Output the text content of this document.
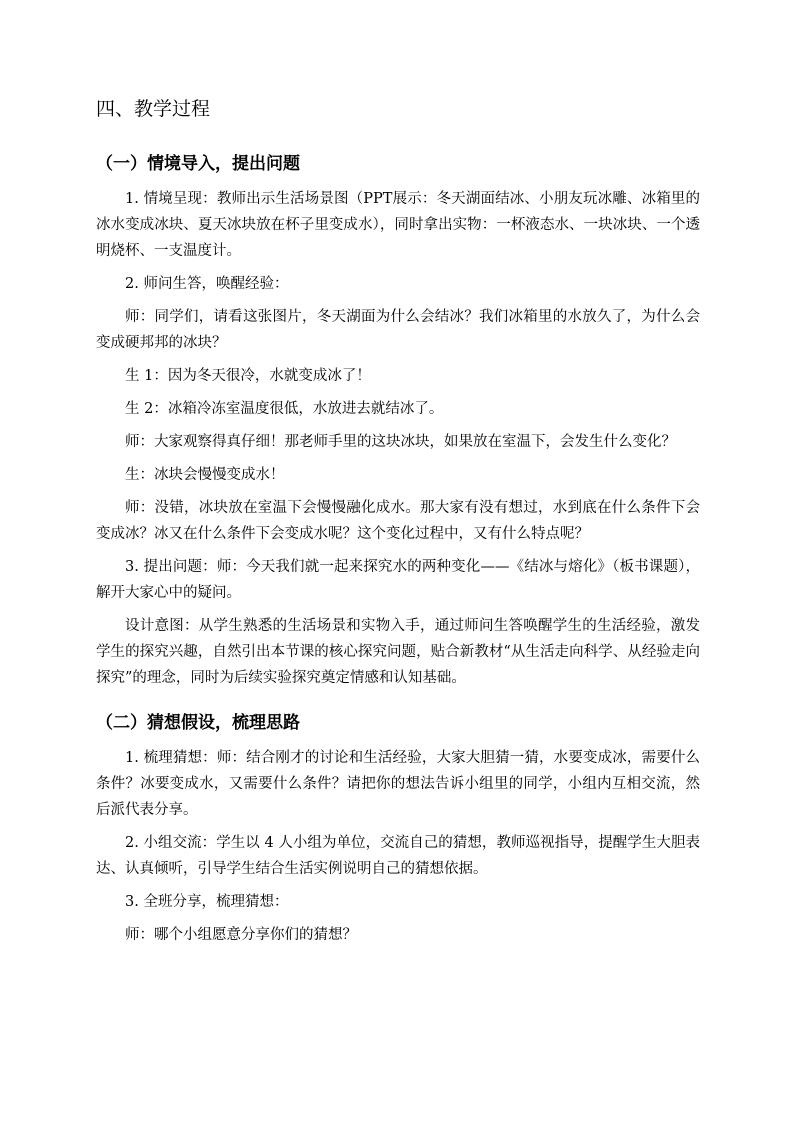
四、教学过程
（一）情境导入，提出问题

1. 情境呈现：教师出示生活场景图（PPT展示：冬天湖面结冰、小朋友玩冰雕、冰箱里的冰水变成冰块、夏天冰块放在杯子里变成水），同时拿出实物：一杯液态水、一块冰块、一个透明烧杯、一支温度计。

2. 师问生答，唤醒经验：

师：同学们，请看这张图片，冬天湖面为什么会结冰？我们冰箱里的水放久了，为什么会变成硬邦邦的冰块？

生 1：因为冬天很冷，水就变成冰了！

生 2：冰箱冷冻室温度很低，水放进去就结冰了。

师：大家观察得真仔细！那老师手里的这块冰块，如果放在室温下，会发生什么变化？

生：冰块会慢慢变成水！

师：没错，冰块放在室温下会慢慢融化成水。那大家有没有想过，水到底在什么条件下会变成冰？冰又在什么条件下会变成水呢？这个变化过程中，又有什么特点呢？

3. 提出问题：师：今天我们就一起来探究水的两种变化——《结冰与熔化》（板书课题），解开大家心中的疑问。

设计意图：从学生熟悉的生活场景和实物入手，通过师问生答唤醒学生的生活经验，激发学生的探究兴趣，自然引出本节课的核心探究问题，贴合新教材“从生活走向科学、从经验走向探究”的理念，同时为后续实验探究奠定情感和认知基础。

（二）猜想假设，梳理思路

1. 梳理猜想：师：结合刚才的讨论和生活经验，大家大胆猜一猜，水要变成冰，需要什么条件？冰要变成水，又需要什么条件？请把你的想法告诉小组里的同学，小组内互相交流，然后派代表分享。

2. 小组交流：学生以 4 人小组为单位，交流自己的猜想，教师巡视指导，提醒学生大胆表达、认真倾听，引导学生结合生活实例说明自己的猜想依据。

3. 全班分享，梳理猜想：

师：哪个小组愿意分享你们的猜想？
